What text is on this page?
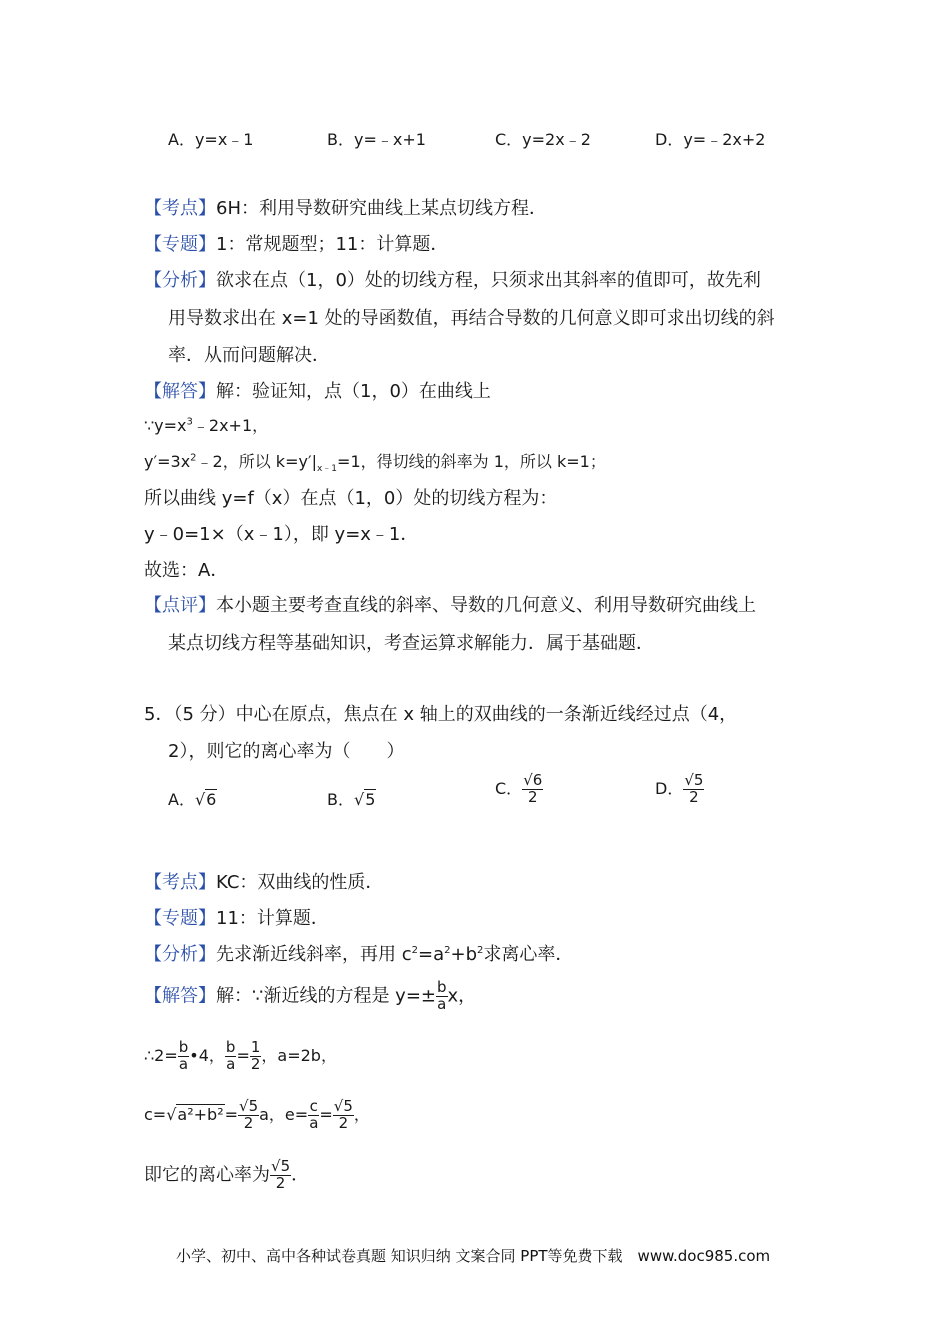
A．y=x﹣1	B．y=﹣x+1	C．y=2x﹣2	D．y=﹣2x+2
【考点】6H：利用导数研究曲线上某点切线方程．
【专题】1：常规题型；11：计算题．
【分析】欲求在点（1，0）处的切线方程，只须求出其斜率的值即可，故先利
用导数求出在 x=1 处的导函数值，再结合导数的几何意义即可求出切线的斜
率．从而问题解决．
【解答】解：验证知，点（1，0）在曲线上
$\because y=x^3﹣2x+1$，
$y'=3x^2﹣2$，所以 $k=y'|_{x﹣1}=1$，得切线的斜率为 1，所以 k=1；
所以曲线 y=f（x）在点（1，0）处的切线方程为：
y﹣0=1×（x﹣1），即 y=x﹣1．
故选：A．
【点评】本小题主要考查直线的斜率、导数的几何意义、利用导数研究曲线上
某点切线方程等基础知识，考查运算求解能力．属于基础题．
5．（5 分）中心在原点，焦点在 x 轴上的双曲线的一条渐近线经过点（4，
2），则它的离心率为（　　）
A．√6	B．√5
C． $\frac{√6}{2}$	D． $\frac{√5}{2}$
【考点】KC：双曲线的性质．
【专题】11：计算题．
【分析】先求渐近线斜率，再用 $c^2=a^2+b^2$求离心率．
【解答】解：∵渐近线的方程是 $y=\pm \frac{b}{a}$ x，
∴2= $\frac{b}{a}$ •4， $\frac{b}{a} = \frac{1}{2}$ ，a=2b，
$c=√a^2+b^2= \frac{√5}{2}$ a，$e= \frac{c}{a} = \frac{√5}{2}$ ，
即它的离心率为 $\frac{√5}{2}$ ．
小学、初中、高中各种试卷真题 知识归纳 文案合同 PPT等免费下载　www.doc985.com
